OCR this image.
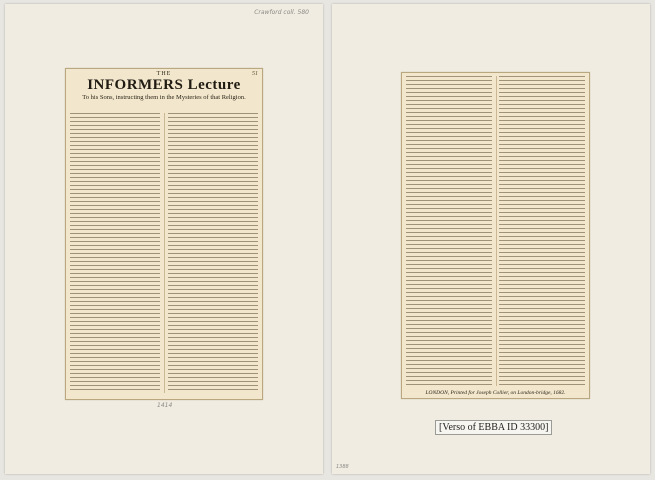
Crawford coll. 580
51
THE
INFORMERS Lecture
To his Sons, instructing them in the Mysteries of that Religion.
1414
1388
LONDON, Printed for Joseph Collier, on London-bridge, 1682.
[Verso of EBBA ID 33300]
